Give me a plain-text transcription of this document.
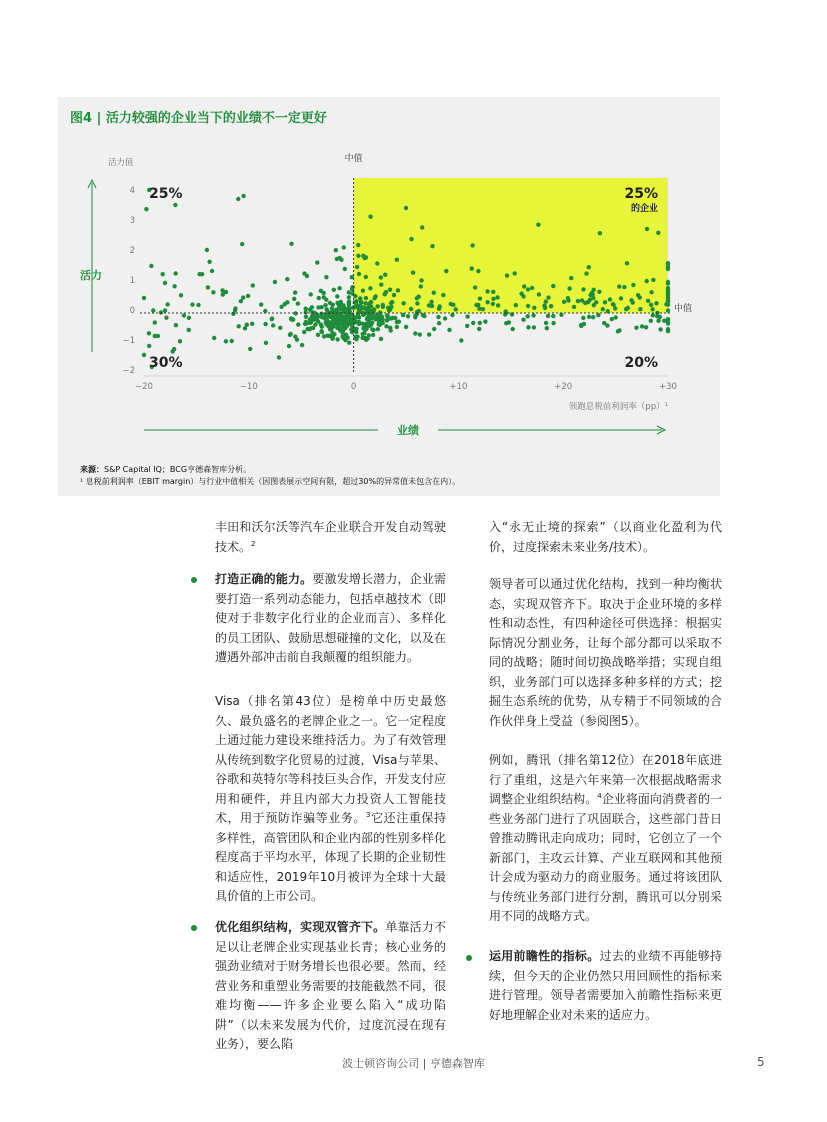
图4 | 活力较强的企业当下的业绩不一定更好
活力
活力值
4
3
2
1
0
−1
−2
−20	−10	0	+10	+20	+30
领跑息税前利润率（pp）¹
业绩
中值
中值
25%	25%
的企业
30%	20%
来源：S&P Capital IQ；BCG亨德森智库分析。
¹ 息税前利润率（EBIT margin）与行业中值相关（因图表展示空间有限，超过30%的异常值未包含在内）。
丰田和沃尔沃等汽车企业联合开发自动驾驶技术。$^2$
打造正确的能力。要激发增长潜力，企业需要打造一系列动态能力，包括卓越技术（即使对于非数字化行业的企业而言）、多样化的员工团队、鼓励思想碰撞的文化，以及在遭遇外部冲击前自我颠覆的组织能力。
Visa（排名第43位）是榜单中历史最悠久、最负盛名的老牌企业之一。它一定程度上通过能力建设来维持活力。为了有效管理从传统到数字化贸易的过渡，Visa与苹果、谷歌和英特尔等科技巨头合作，开发支付应用和硬件，并且内部大力投资人工智能技术，用于预防诈骗等业务。$^3$它还注重保持多样性，高管团队和企业内部的性别多样化程度高于平均水平，体现了长期的企业韧性和适应性，2019年10月被评为全球十大最具价值的上市公司。
优化组织结构，实现双管齐下。单靠活力不足以让老牌企业实现基业长青；核心业务的强劲业绩对于财务增长也很必要。然而，经营业务和重塑业务需要的技能截然不同，很难均衡——许多企业要么陷入“成功陷阱”（以未来发展为代价，过度沉浸在现有业务），要么陷
入“永无止境的探索”（以商业化盈利为代价，过度探索未来业务/技术）。
领导者可以通过优化结构，找到一种均衡状态，实现双管齐下。取决于企业环境的多样性和动态性，有四种途径可供选择：根据实际情况分割业务，让每个部分都可以采取不同的战略；随时间切换战略举措；实现自组织，业务部门可以选择多种多样的方式；挖掘生态系统的优势，从专精于不同领域的合作伙伴身上受益（参阅图5）。
例如，腾讯（排名第12位）在2018年底进行了重组，这是六年来第一次根据战略需求调整企业组织结构。$^4$企业将面向消费者的一些业务部门进行了巩固联合，这些部门昔日曾推动腾讯走向成功；同时，它创立了一个新部门，主攻云计算、产业互联网和其他预计会成为驱动力的商业服务。通过将该团队与传统业务部门进行分割，腾讯可以分别采用不同的战略方式。
运用前瞻性的指标。过去的业绩不再能够持续，但今天的企业仍然只用回顾性的指标来进行管理。领导者需要加入前瞻性指标来更好地理解企业对未来的适应力。
波士顿咨询公司 | 亨德森智库	5
